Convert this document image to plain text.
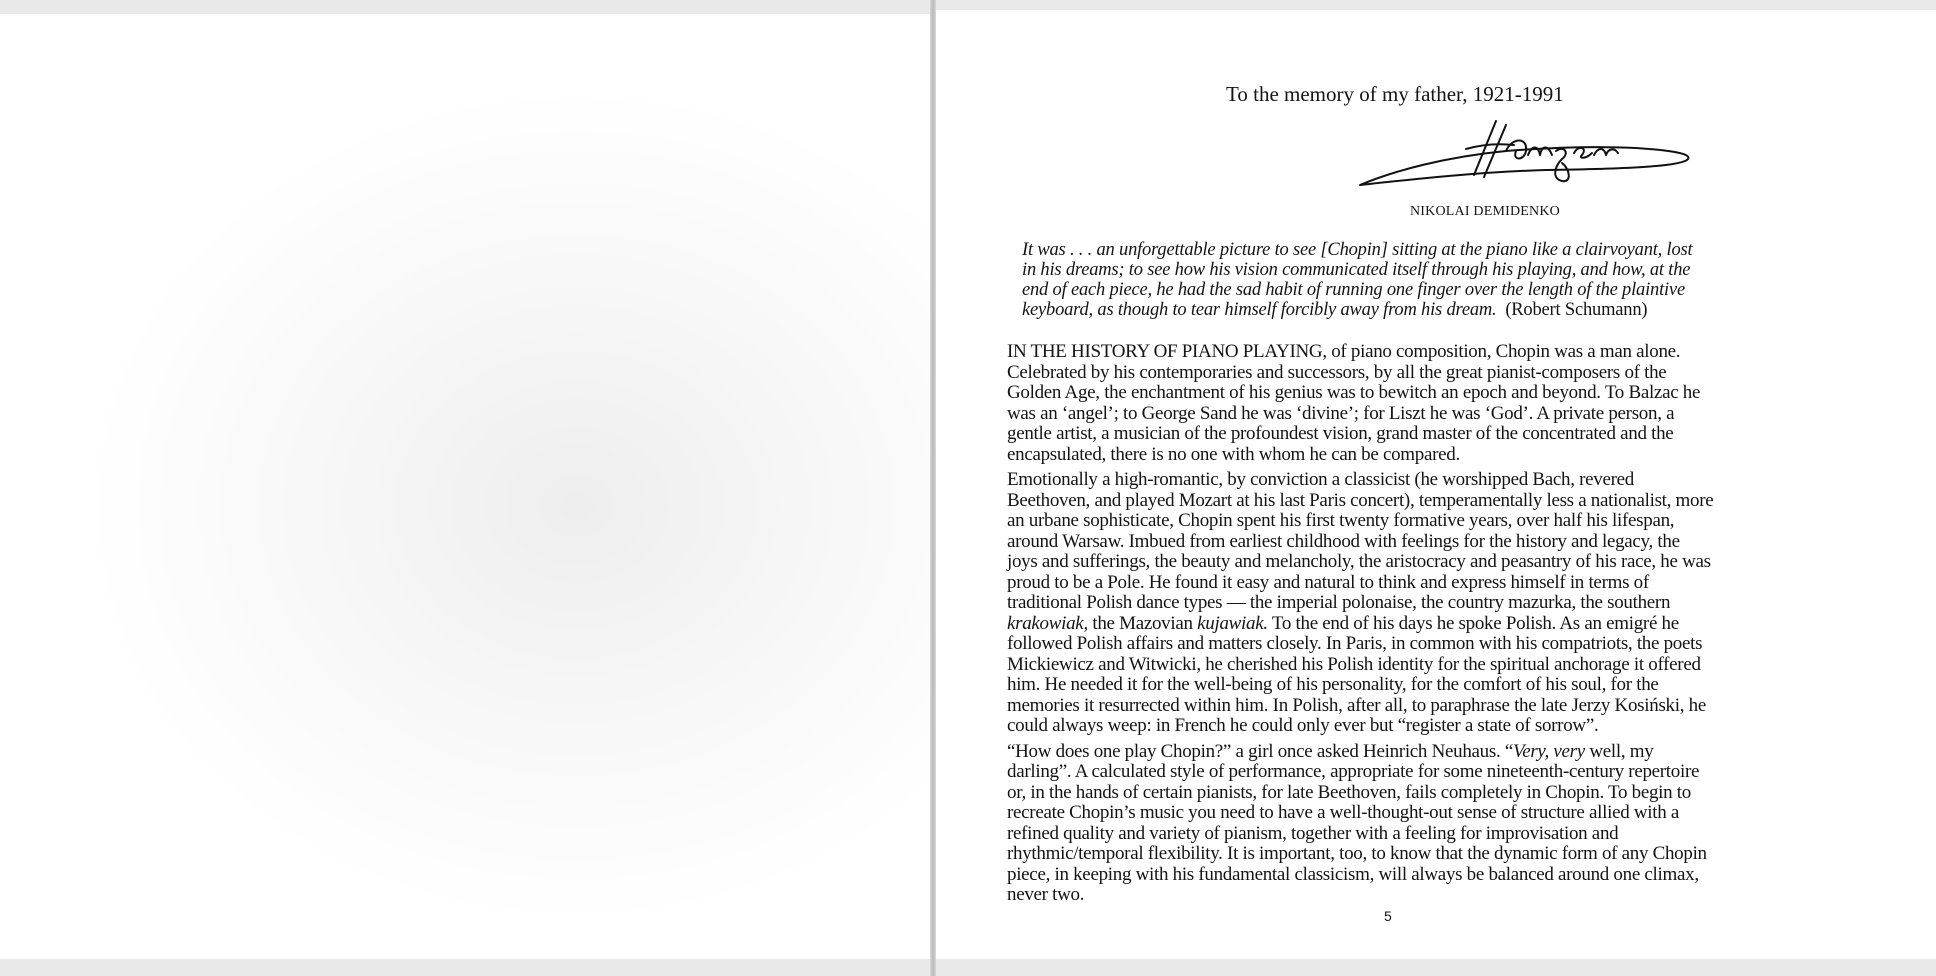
To the memory of my father, 1921-1991
NIKOLAI DEMIDENKO
It was . . . an unforgettable picture to see [Chopin] sitting at the piano like a clairvoyant, lost
in his dreams; to see how his vision communicated itself through his playing, and how, at the
end of each piece, he had the sad habit of running one finger over the length of the plaintive
keyboard, as though to tear himself forcibly away from his dream. (Robert Schumann)
IN THE HISTORY OF PIANO PLAYING, of piano composition, Chopin was a man alone.
Celebrated by his contemporaries and successors, by all the great pianist-composers of the
Golden Age, the enchantment of his genius was to bewitch an epoch and beyond. To Balzac he
was an ‘angel’; to George Sand he was ‘divine’; for Liszt he was ‘God’. A private person, a
gentle artist, a musician of the profoundest vision, grand master of the concentrated and the
encapsulated, there is no one with whom he can be compared.
Emotionally a high-romantic, by conviction a classicist (he worshipped Bach, revered
Beethoven, and played Mozart at his last Paris concert), temperamentally less a nationalist, more
an urbane sophisticate, Chopin spent his first twenty formative years, over half his lifespan,
around Warsaw. Imbued from earliest childhood with feelings for the history and legacy, the
joys and sufferings, the beauty and melancholy, the aristocracy and peasantry of his race, he was
proud to be a Pole. He found it easy and natural to think and express himself in terms of
traditional Polish dance types — the imperial polonaise, the country mazurka, the southern
krakowiak, the Mazovian kujawiak. To the end of his days he spoke Polish. As an emigré he
followed Polish affairs and matters closely. In Paris, in common with his compatriots, the poets
Mickiewicz and Witwicki, he cherished his Polish identity for the spiritual anchorage it offered
him. He needed it for the well-being of his personality, for the comfort of his soul, for the
memories it resurrected within him. In Polish, after all, to paraphrase the late Jerzy Kosiński, he
could always weep: in French he could only ever but “register a state of sorrow”.
“How does one play Chopin?” a girl once asked Heinrich Neuhaus. “Very, very well, my
darling”. A calculated style of performance, appropriate for some nineteenth-century repertoire
or, in the hands of certain pianists, for late Beethoven, fails completely in Chopin. To begin to
recreate Chopin’s music you need to have a well-thought-out sense of structure allied with a
refined quality and variety of pianism, together with a feeling for improvisation and
rhythmic/temporal flexibility. It is important, too, to know that the dynamic form of any Chopin
piece, in keeping with his fundamental classicism, will always be balanced around one climax,
never two.
5
